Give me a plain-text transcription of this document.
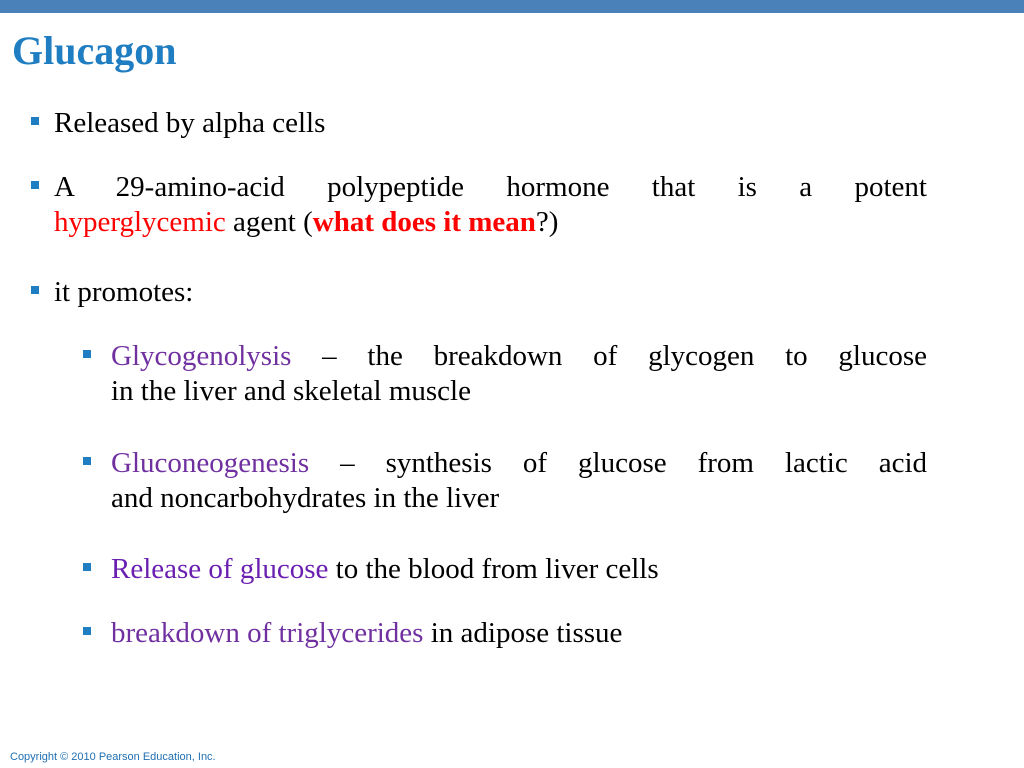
Glucagon
Released by alpha cells
A 29-amino-acid polypeptide hormone that is a potent
hyperglycemic agent (what does it mean?)
it promotes:
Glycogenolysis – the breakdown of glycogen to glucose
in the liver and skeletal muscle
Gluconeogenesis – synthesis of glucose from lactic acid
and noncarbohydrates in the liver
Release of glucose to the blood from liver cells
breakdown of triglycerides in adipose tissue
Copyright © 2010 Pearson Education, Inc.
